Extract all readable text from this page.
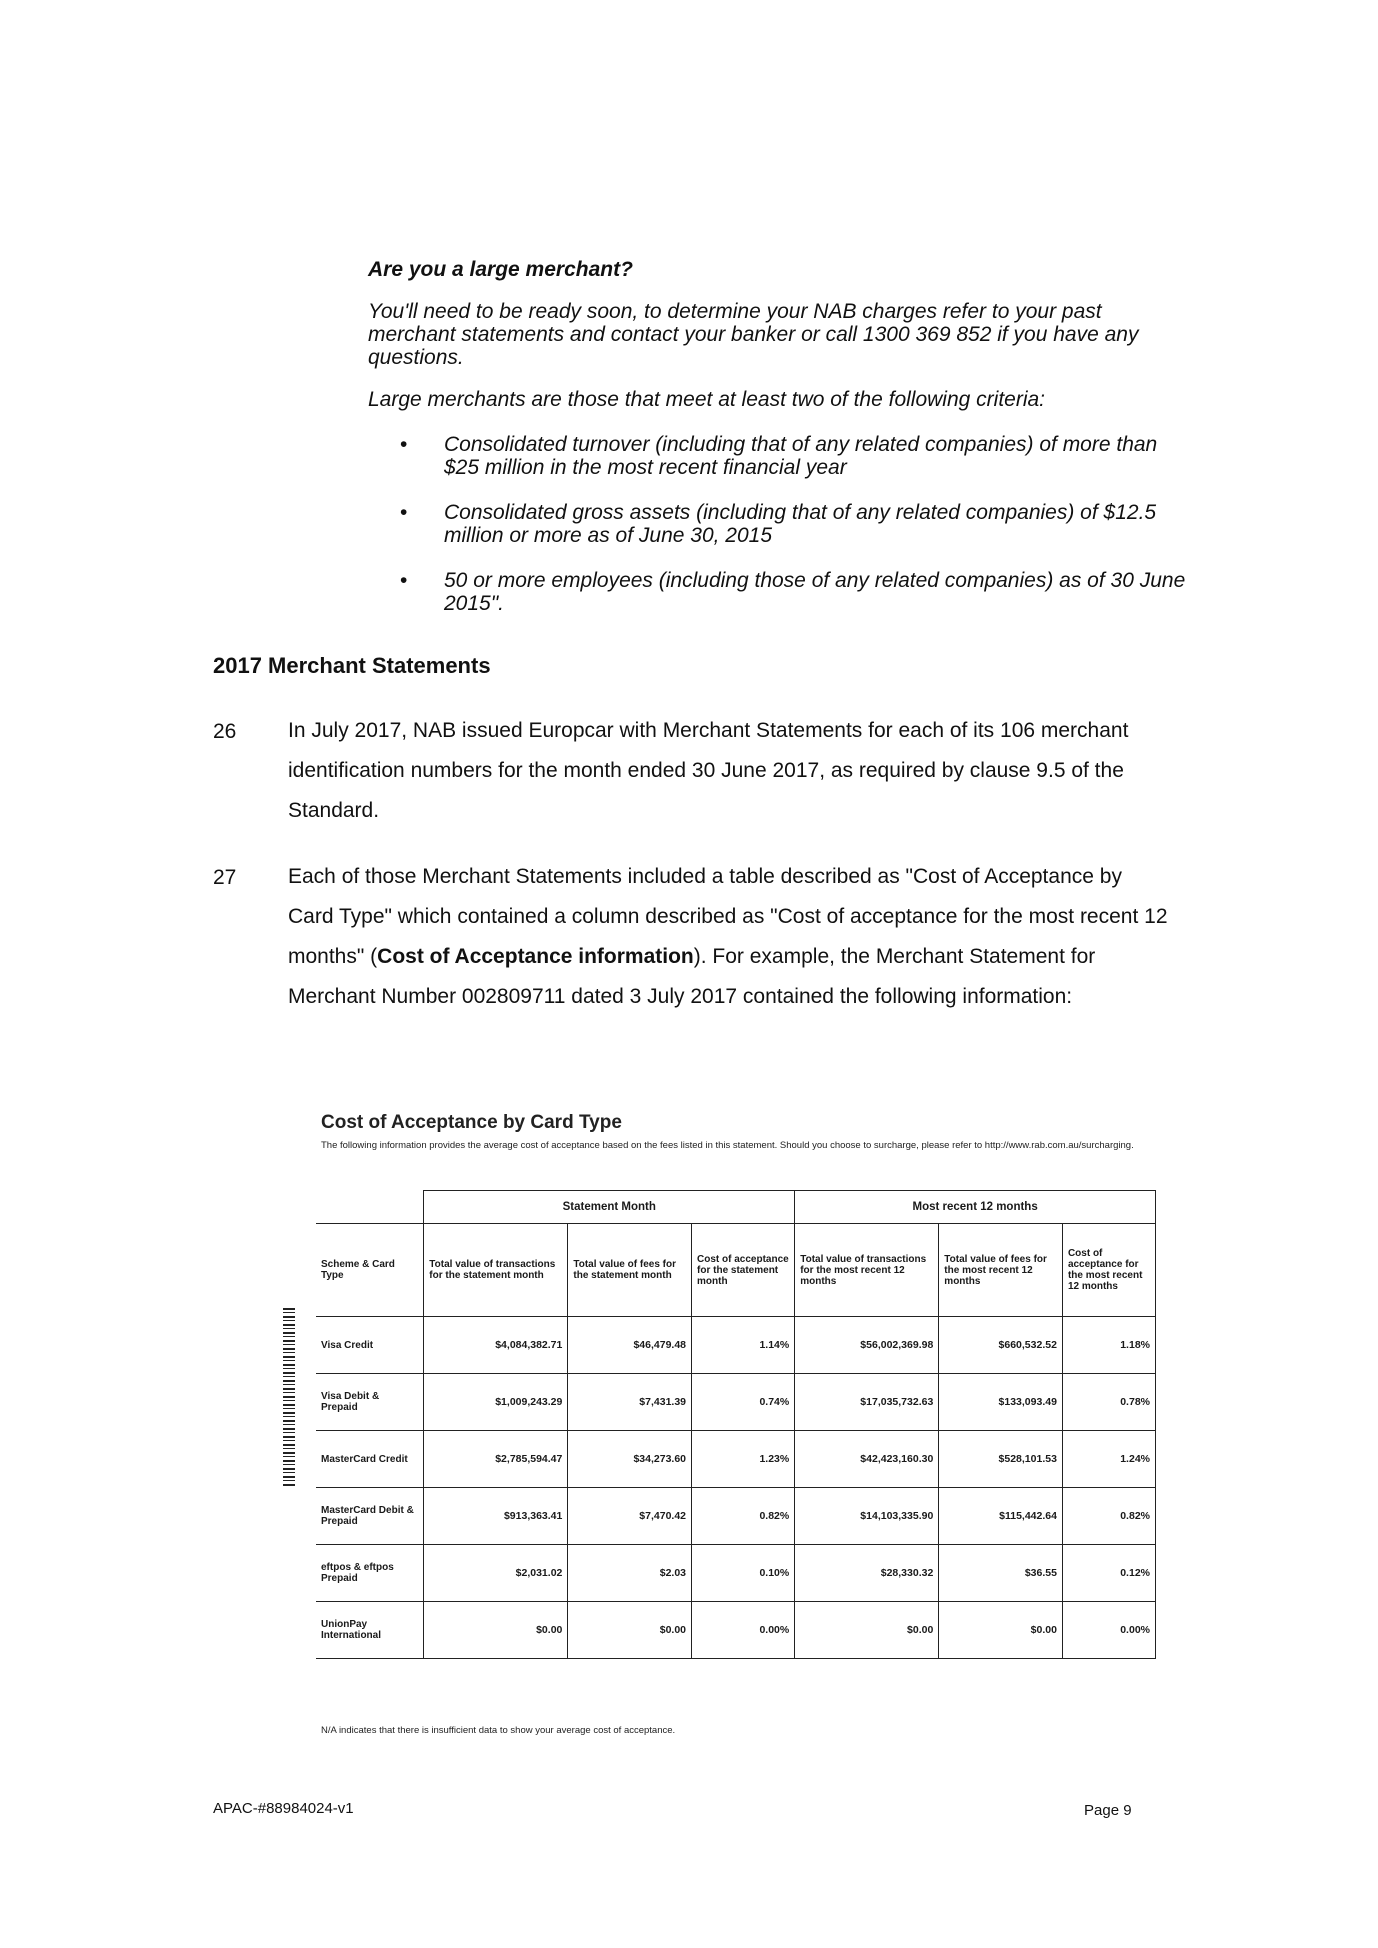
Are you a large merchant?
You'll need to be ready soon, to determine your NAB charges refer to your past merchant statements and contact your banker or call 1300 369 852 if you have any questions.
Large merchants are those that meet at least two of the following criteria:
• Consolidated turnover (including that of any related companies) of more than $25 million in the most recent financial year
• Consolidated gross assets (including that of any related companies) of $12.5 million or more as of June 30, 2015
• 50 or more employees (including those of any related companies) as of 30 June 2015".
2017 Merchant Statements
26 In July 2017, NAB issued Europcar with Merchant Statements for each of its 106 merchant identification numbers for the month ended 30 June 2017, as required by clause 9.5 of the Standard.
27 Each of those Merchant Statements included a table described as "Cost of Acceptance by Card Type" which contained a column described as "Cost of acceptance for the most recent 12 months" (Cost of Acceptance information). For example, the Merchant Statement for Merchant Number 002809711 dated 3 July 2017 contained the following information:
Cost of Acceptance by Card Type
The following information provides the average cost of acceptance based on the fees listed in this statement. Should you choose to surcharge, please refer to http://www.rab.com.au/surcharging.
	Statement Month			Most recent 12 months		
Scheme & Card Type	Total value of transactions for the statement month	Total value of fees for the statement month	Cost of acceptance for the statement month	Total value of transactions for the most recent 12 months	Total value of fees for the most recent 12 months	Cost of acceptance for the most recent 12 months
Visa Credit	$4,084,382.71	$46,479.48	1.14%	$56,002,369.98	$660,532.52	1.18%
Visa Debit & Prepaid	$1,009,243.29	$7,431.39	0.74%	$17,035,732.63	$133,093.49	0.78%
MasterCard Credit	$2,785,594.47	$34,273.60	1.23%	$42,423,160.30	$528,101.53	1.24%
MasterCard Debit & Prepaid	$913,363.41	$7,470.42	0.82%	$14,103,335.90	$115,442.64	0.82%
eftpos & eftpos Prepaid	$2,031.02	$2.03	0.10%	$28,330.32	$36.55	0.12%
UnionPay International	$0.00	$0.00	0.00%	$0.00	$0.00	0.00%
N/A indicates that there is insufficient data to show your average cost of acceptance.
APAC-#88984024-v1	Page 9
